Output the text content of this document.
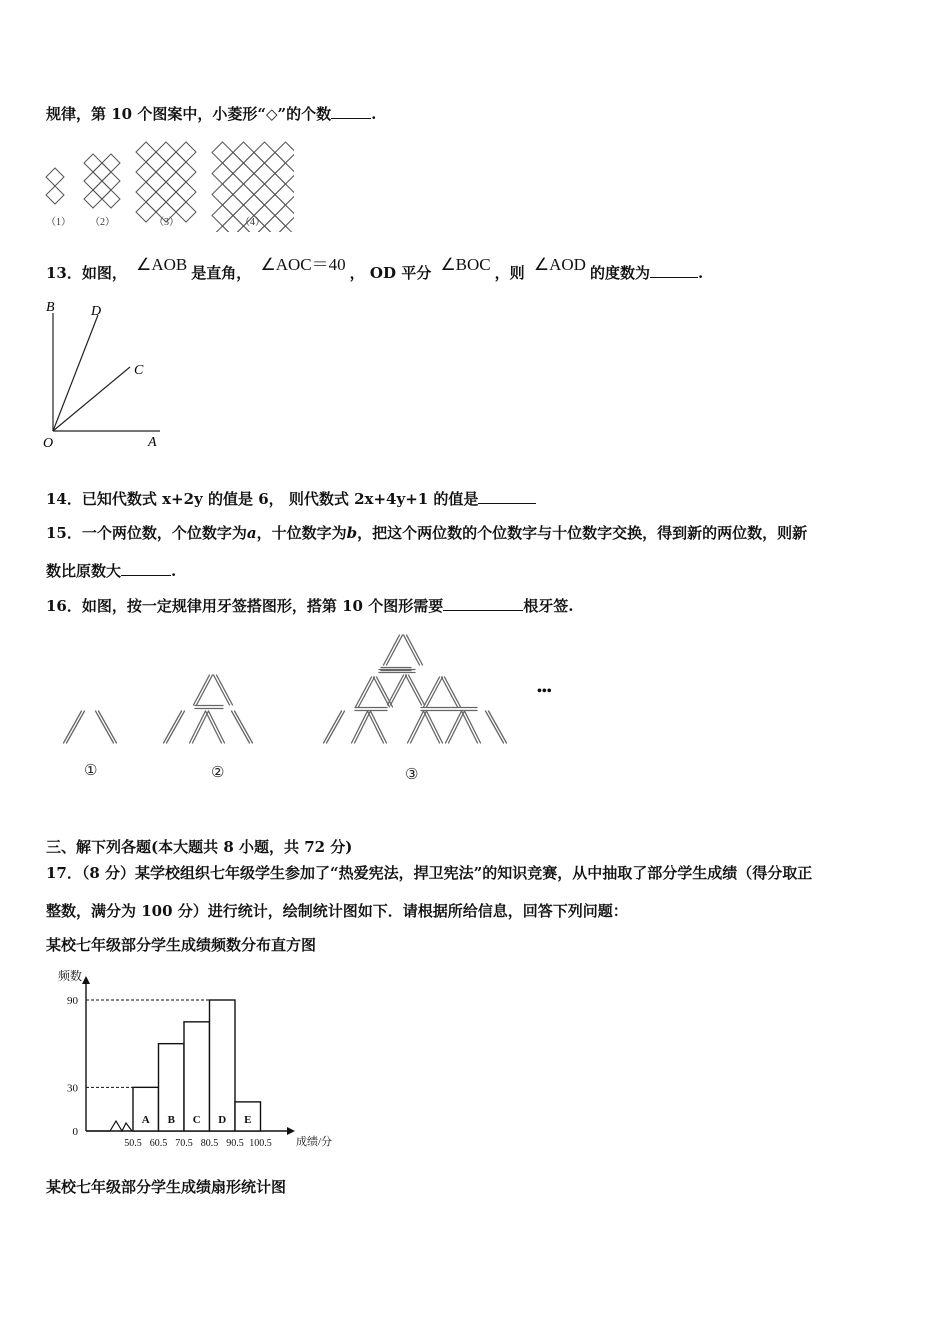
规律，第 10 个图案中，小菱形“◇”的个数	.
（1） （2）	（3）	（4）
13．如图， ∠AOB 是直角， ∠AOC＝40 ， OD 平分 ∠BOC ，则 ∠AOD 的度数为	.
B	D
C
O	A
14．已知代数式 x+2y 的值是 6， 则代数式 2x+4y+1 的值是
15．一个两位数，个位数字为a，十位数字为b，把这个两位数的个位数字与十位数字交换，得到新的两位数，则新
数比原数大	.
16．如图，按一定规律用牙签搭图形，搭第 10 个图形需要	根牙签.
•••
①	②	③
三、解下列各题(本大题共 8 小题，共 72 分)
17．（8 分）某学校组织七年级学生参加了“热爱宪法，捍卫宪法”的知识竞赛，从中抽取了部分学生成绩（得分取正
整数，满分为 100 分）进行统计，绘制统计图如下．请根据所给信息，回答下列问题：
某校七年级部分学生成绩频数分布直方图
频数
A B C D E
0
30
90
50.5 60.5 70.5 80.5 90.5 100.5 成绩/分
某校七年级部分学生成绩扇形统计图
